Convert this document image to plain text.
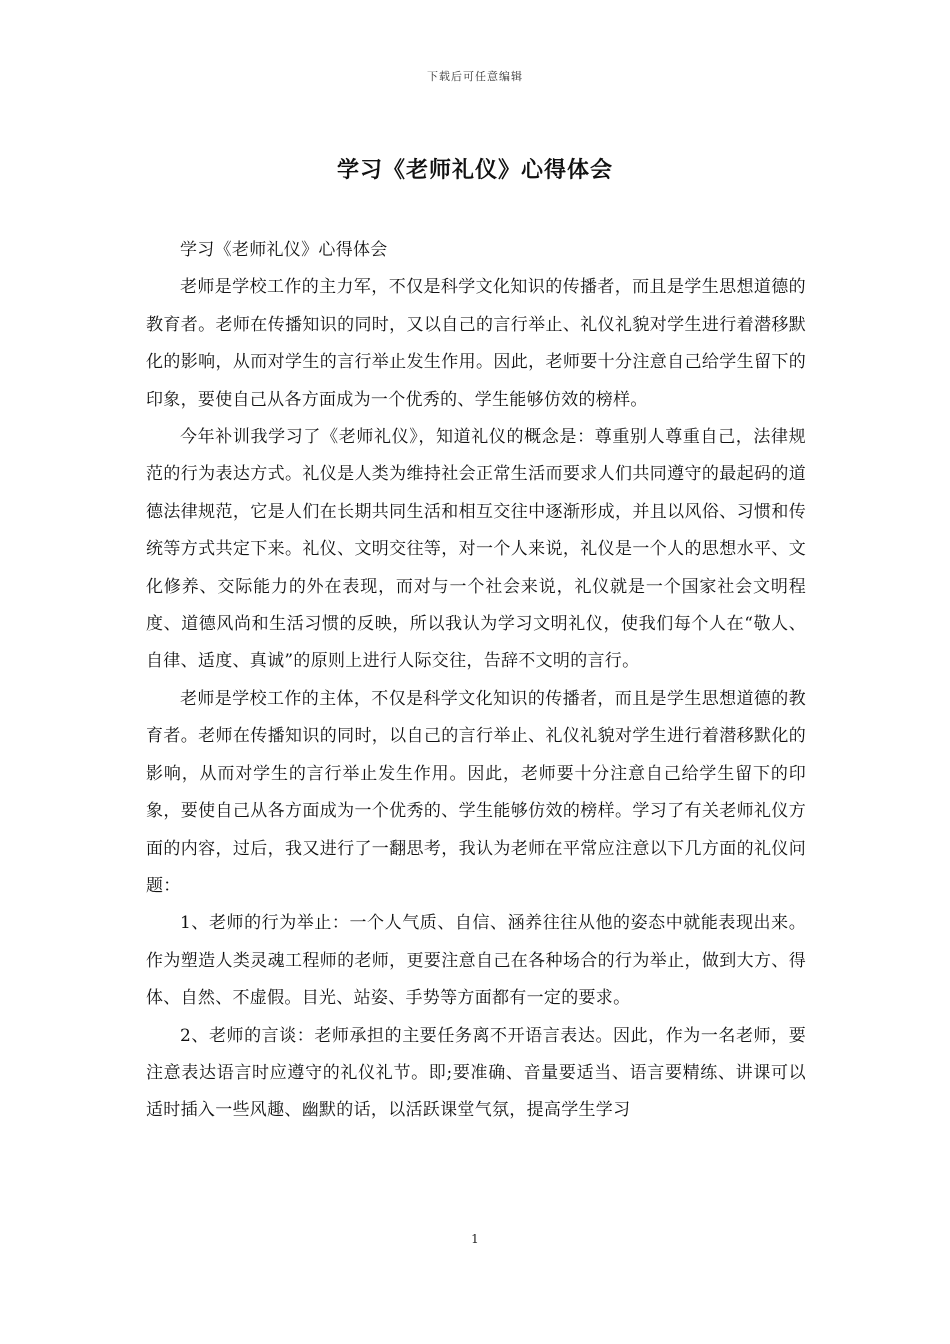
下载后可任意编辑
学习《老师礼仪》心得体会

学习《老师礼仪》心得体会

老师是学校工作的主力军，不仅是科学文化知识的传播者，而且是学生思想道德的教育者。老师在传播知识的同时，又以自己的言行举止、礼仪礼貌对学生进行着潜移默化的影响，从而对学生的言行举止发生作用。因此，老师要十分注意自己给学生留下的印象，要使自己从各方面成为一个优秀的、学生能够仿效的榜样。

今年补训我学习了《老师礼仪》，知道礼仪的概念是：尊重别人尊重自己，法律规范的行为表达方式。礼仪是人类为维持社会正常生活而要求人们共同遵守的最起码的道德法律规范，它是人们在长期共同生活和相互交往中逐渐形成，并且以风俗、习惯和传统等方式共定下来。礼仪、文明交往等，对一个人来说，礼仪是一个人的思想水平、文化修养、交际能力的外在表现，而对与一个社会来说，礼仪就是一个国家社会文明程度、道德风尚和生活习惯的反映，所以我认为学习文明礼仪，使我们每个人在“敬人、自律、适度、真诚”的原则上进行人际交往，告辞不文明的言行。

老师是学校工作的主体，不仅是科学文化知识的传播者，而且是学生思想道德的教育者。老师在传播知识的同时，以自己的言行举止、礼仪礼貌对学生进行着潜移默化的影响，从而对学生的言行举止发生作用。因此，老师要十分注意自己给学生留下的印象，要使自己从各方面成为一个优秀的、学生能够仿效的榜样。学习了有关老师礼仪方面的内容，过后，我又进行了一翻思考，我认为老师在平常应注意以下几方面的礼仪问题：

1、老师的行为举止：一个人气质、自信、涵养往往从他的姿态中就能表现出来。作为塑造人类灵魂工程师的老师，更要注意自己在各种场合的行为举止，做到大方、得体、自然、不虚假。目光、站姿、手势等方面都有一定的要求。

2、老师的言谈：老师承担的主要任务离不开语言表达。因此，作为一名老师，要注意表达语言时应遵守的礼仪礼节。即;要准确、音量要适当、语言要精练、讲课可以适时插入一些风趣、幽默的话，以活跃课堂气氛，提高学生学习

1
